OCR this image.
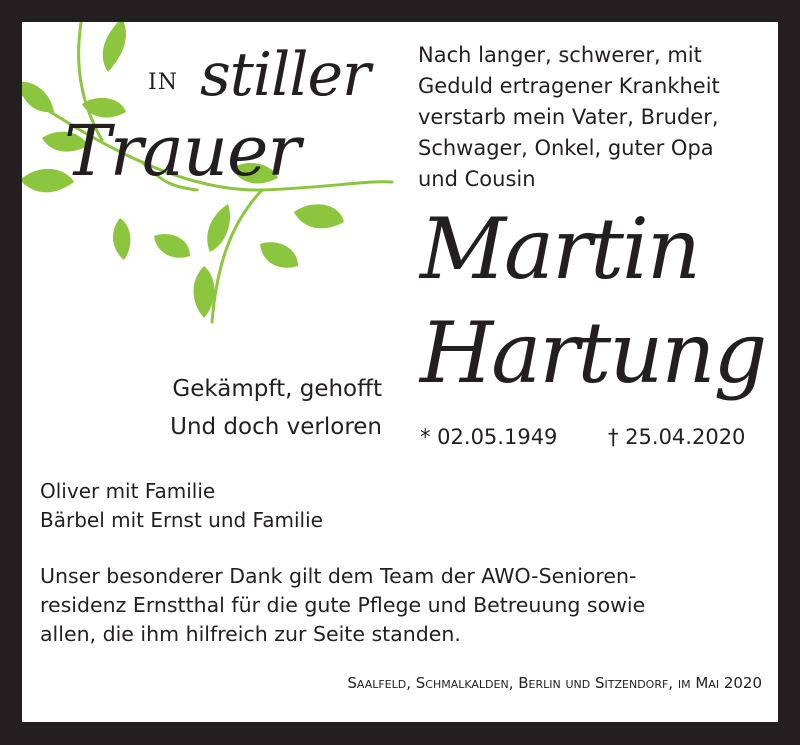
IN stiller
Trauer
Nach langer, schwerer, mit
Geduld ertragener Krankheit
verstarb mein Vater, Bruder,
Schwager, Onkel, guter Opa
und Cousin
Martin
Hartung
Gekämpft, gehofft
Und doch verloren * 02.05.1949 † 25.04.2020
Oliver mit Familie
Bärbel mit Ernst und Familie
Unser besonderer Dank gilt dem Team der AWO-Senioren-
residenz Ernstthal für die gute Pflege und Betreuung sowie
allen, die ihm hilfreich zur Seite standen.
Saalfeld, Schmalkalden, Berlin und Sitzendorf, im Mai 2020
